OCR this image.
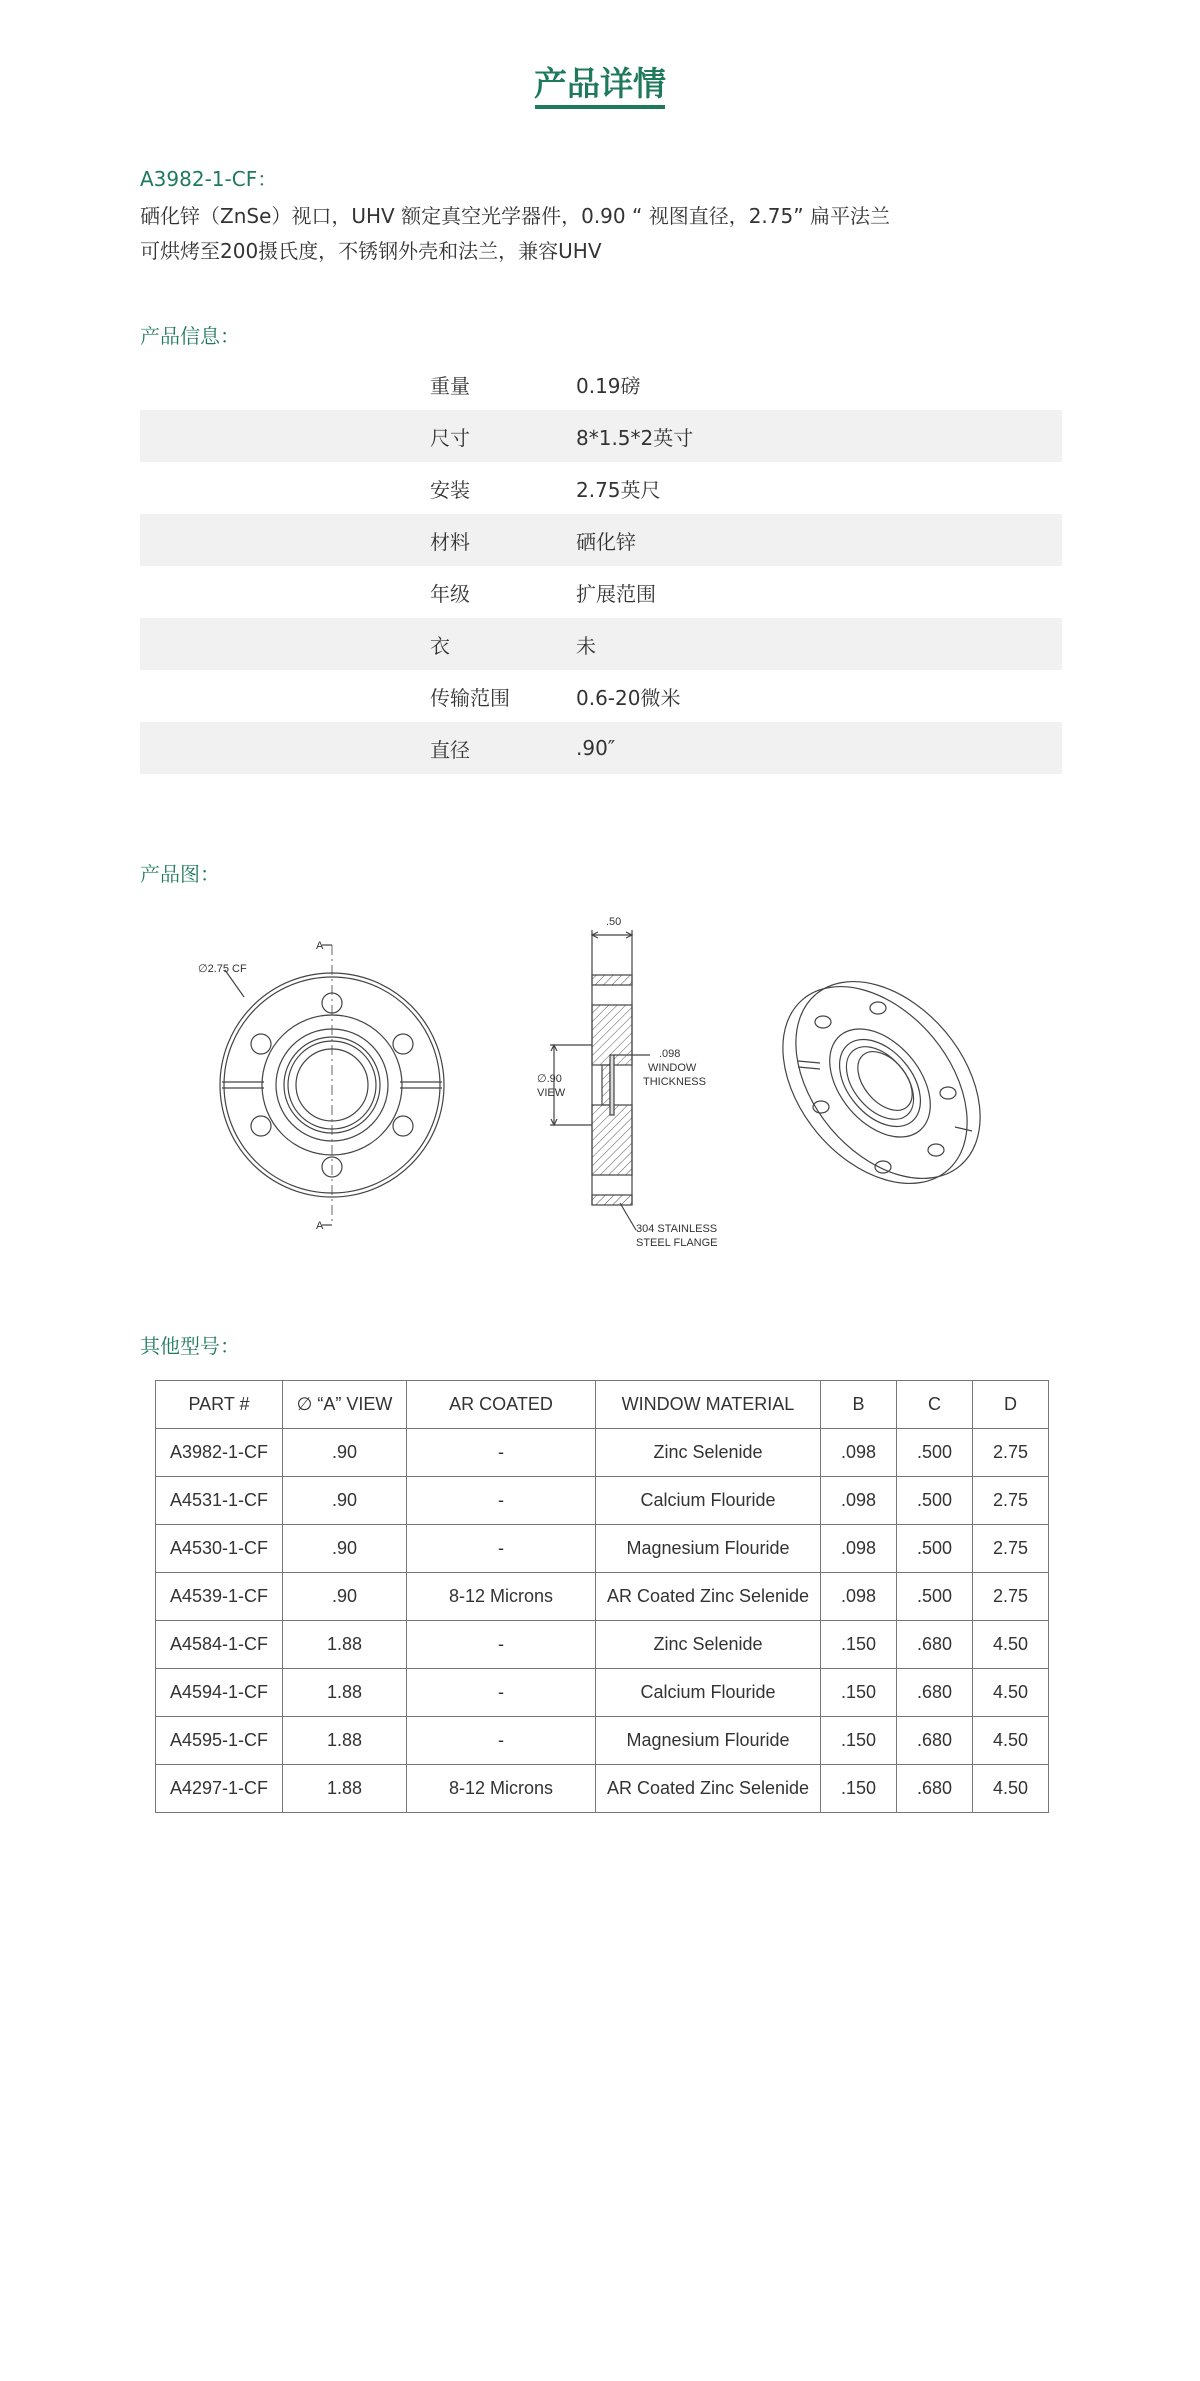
产品详情
A3982-1-CF：
硒化锌（ZnSe）视口，UHV 额定真空光学器件，0.90 “ 视图直径，2.75” 扁平法兰
可烘烤至200摄氏度，不锈钢外壳和法兰，兼容UHV
产品信息：
重量	0.19磅
尺寸	8*1.5*2英寸
安装	2.75英尺
材料	硒化锌
年级	扩展范围
衣	未
传输范围	0.6-20微米
直径	.90″
产品图：
∅2.75 CF
A
A
.50
∅.90
VIEW
.098
WINDOW
THICKNESS
304 STAINLESS
STEEL FLANGE
其他型号：
PART #	∅ “A” VIEW	AR COATED	WINDOW MATERIAL	B	C	D
A3982-1-CF	.90	-	Zinc Selenide	.098	.500	2.75
A4531-1-CF	.90	-	Calcium Flouride	.098	.500	2.75
A4530-1-CF	.90	-	Magnesium Flouride	.098	.500	2.75
A4539-1-CF	.90	8-12 Microns	AR Coated Zinc Selenide	.098	.500	2.75
A4584-1-CF	1.88	-	Zinc Selenide	.150	.680	4.50
A4594-1-CF	1.88	-	Calcium Flouride	.150	.680	4.50
A4595-1-CF	1.88	-	Magnesium Flouride	.150	.680	4.50
A4297-1-CF	1.88	8-12 Microns	AR Coated Zinc Selenide	.150	.680	4.50
